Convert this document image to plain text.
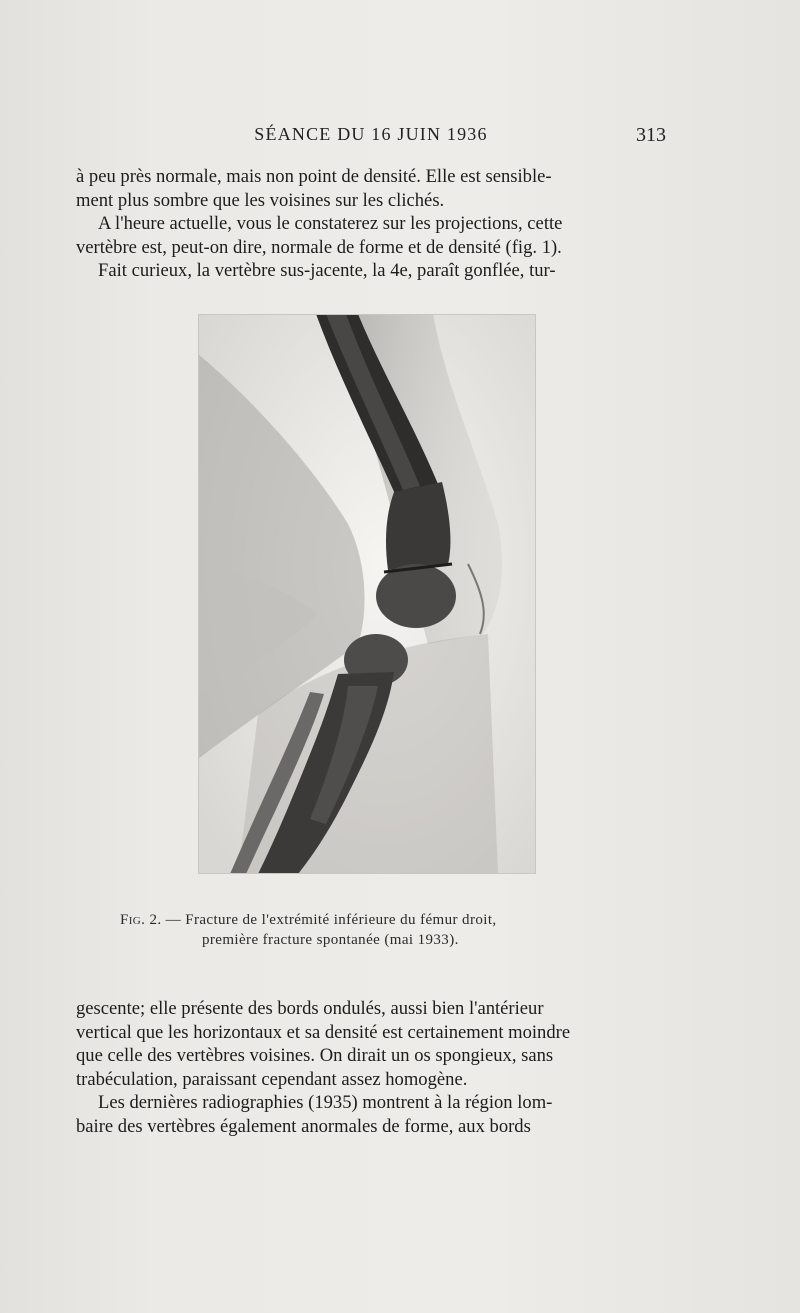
SÉANCE DU 16 JUIN 1936	313

à peu près normale, mais non point de densité. Elle est sensible-

ment plus sombre que les voisines sur les clichés.

A l'heure actuelle, vous le constaterez sur les projections, cette

vertèbre est, peut-on dire, normale de forme et de densité (fig. 1).

Fait curieux, la vertèbre sus-jacente, la 4e, paraît gonflée, tur-

Fig. 2. — Fracture de l'extrémité inférieure du fémur droit,
première fracture spontanée (mai 1933).

gescente; elle présente des bords ondulés, aussi bien l'antérieur

vertical que les horizontaux et sa densité est certainement moindre

que celle des vertèbres voisines. On dirait un os spongieux, sans

trabéculation, paraissant cependant assez homogène.

Les dernières radiographies (1935) montrent à la région lom-

baire des vertèbres également anormales de forme, aux bords
